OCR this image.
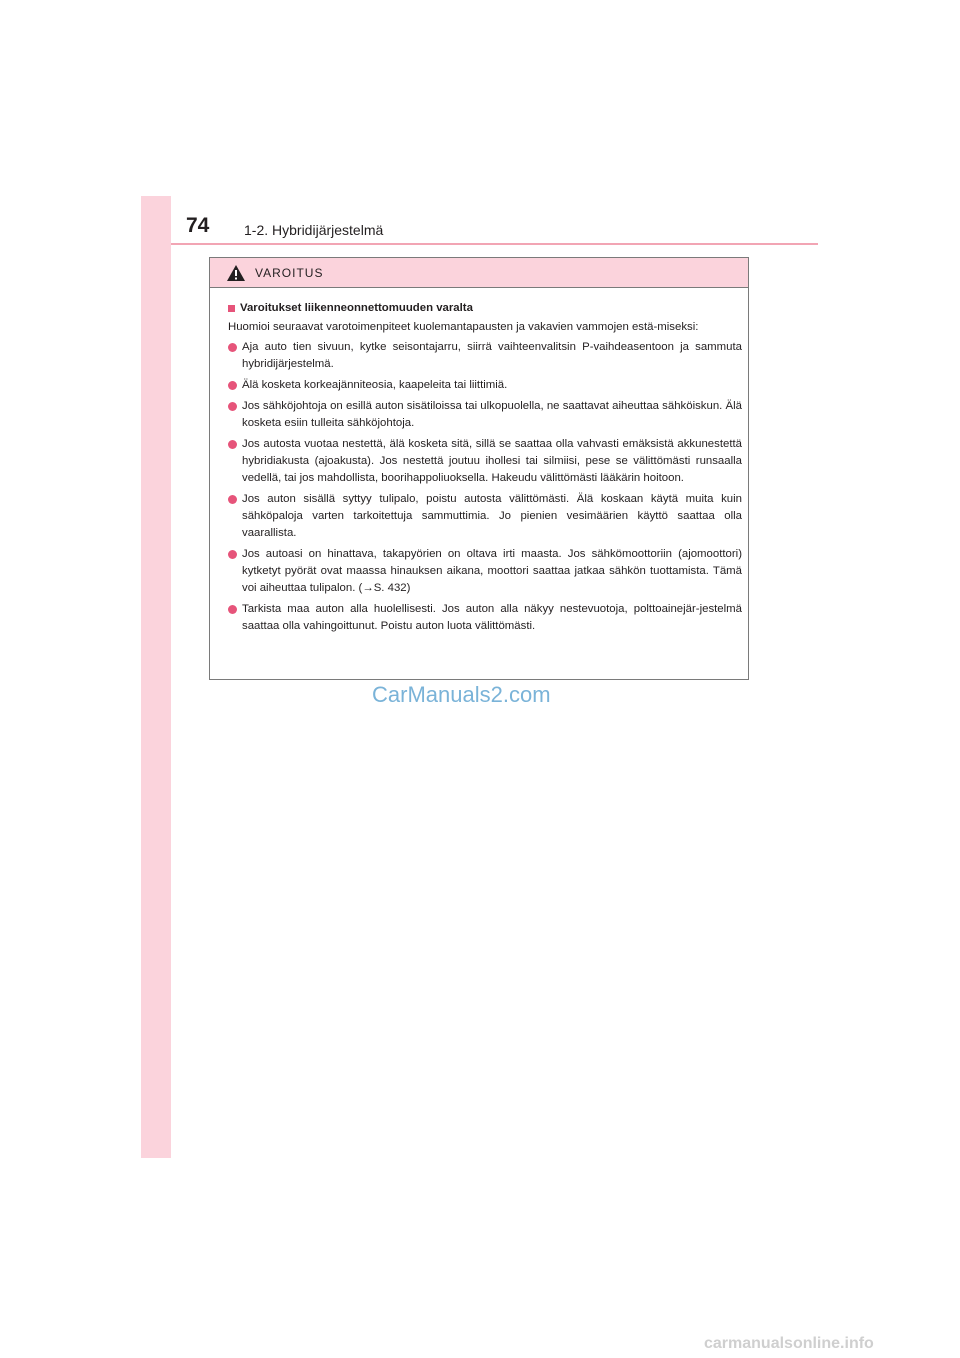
74 1-2. Hybridijärjestelmä
VAROITUS
Varoitukset liikenneonnettomuuden varalta

Huomioi seuraavat varotoimenpiteet kuolemantapausten ja vakavien vammojen estä-miseksi:

Aja auto tien sivuun, kytke seisontajarru, siirrä vaihteenvalitsin P-vaihdeasentoon ja sammuta hybridijärjestelmä.
Älä kosketa korkeajänniteosia, kaapeleita tai liittimiä.
Jos sähköjohtoja on esillä auton sisätiloissa tai ulkopuolella, ne saattavat aiheuttaa sähköiskun. Älä kosketa esiin tulleita sähköjohtoja.
Jos autosta vuotaa nestettä, älä kosketa sitä, sillä se saattaa olla vahvasti emäksistä akkunestettä hybridiakusta (ajoakusta). Jos nestettä joutuu ihollesi tai silmiisi, pese se välittömästi runsaalla vedellä, tai jos mahdollista, boorihappoliuoksella. Hakeudu välittömästi lääkärin hoitoon.
Jos auton sisällä syttyy tulipalo, poistu autosta välittömästi. Älä koskaan käytä muita kuin sähköpaloja varten tarkoitettuja sammuttimia. Jo pienien vesimäärien käyttö saattaa olla vaarallista.
Jos autoasi on hinattava, takapyörien on oltava irti maasta. Jos sähkömoottoriin (ajomoottori) kytketyt pyörät ovat maassa hinauksen aikana, moottori saattaa jatkaa sähkön tuottamista. Tämä voi aiheuttaa tulipalon. (→S. 432)
Tarkista maa auton alla huolellisesti. Jos auton alla näkyy nestevuotoja, polttoainejär-jestelmä saattaa olla vahingoittunut. Poistu auton luota välittömästi.
CarManuals2.com
carmanualsonline.info
